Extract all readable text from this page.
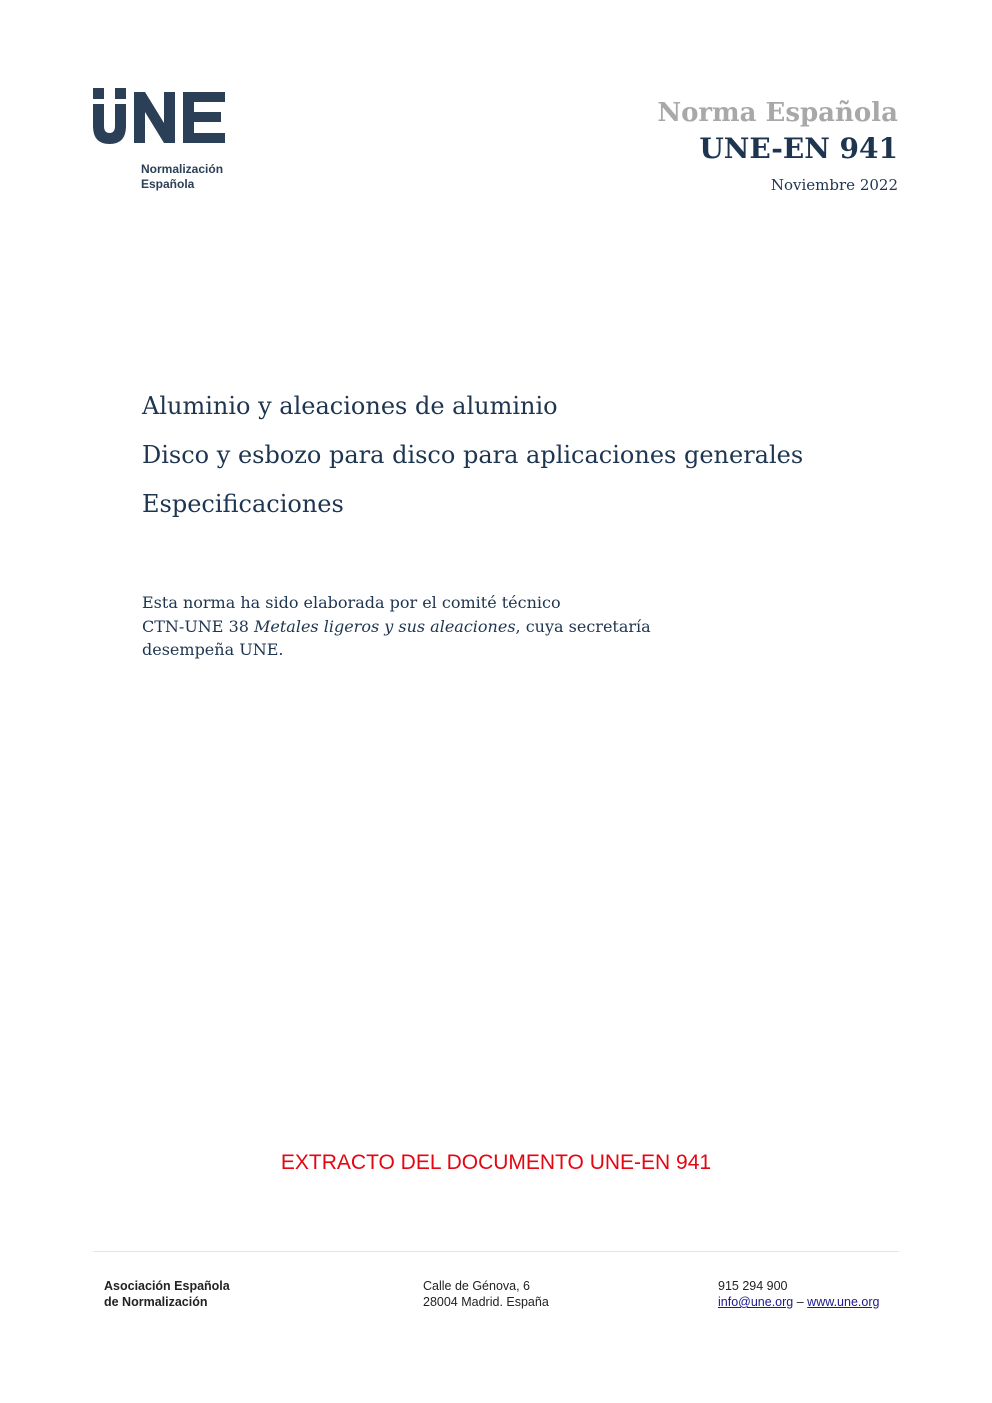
Normalización
Española
Norma Española
UNE-EN 941
Noviembre 2022
Aluminio y aleaciones de aluminio
Disco y esbozo para disco para aplicaciones generales
Especificaciones
Esta norma ha sido elaborada por el comité técnico
CTN-UNE 38 Metales ligeros y sus aleaciones, cuya secretaría
desempeña UNE.
EXTRACTO DEL DOCUMENTO UNE-EN 941
Asociación Española
de Normalización
Calle de Génova, 6
28004 Madrid. España
915 294 900
info@une.org – www.une.org
